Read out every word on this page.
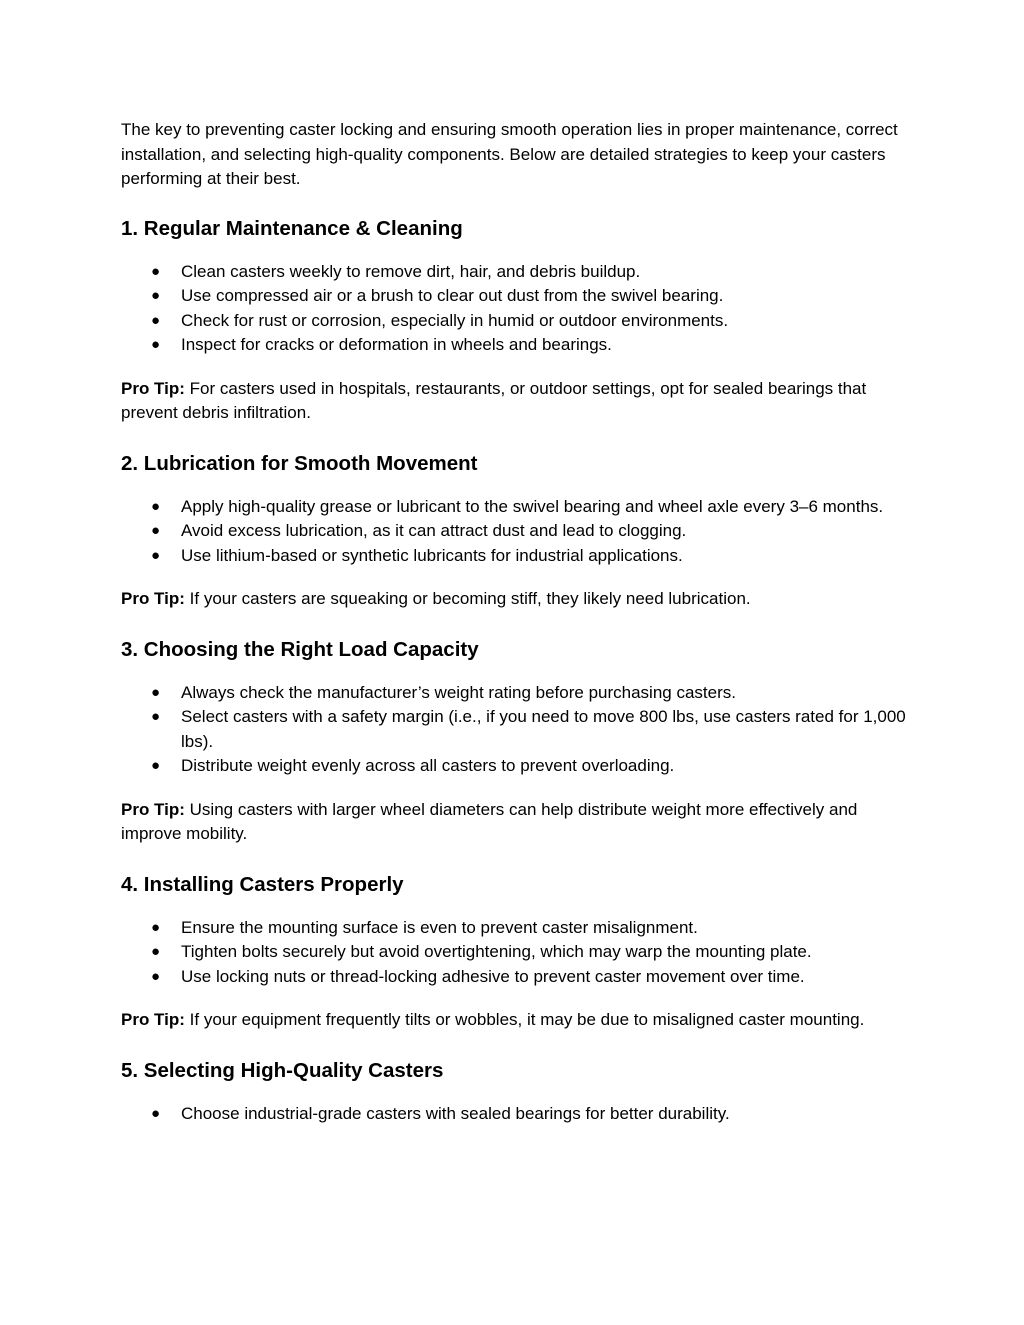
The key to preventing caster locking and ensuring smooth operation lies in proper maintenance, correct installation, and selecting high-quality components. Below are detailed strategies to keep your casters performing at their best.

1. Regular Maintenance & Cleaning
● Clean casters weekly to remove dirt, hair, and debris buildup.
● Use compressed air or a brush to clear out dust from the swivel bearing.
● Check for rust or corrosion, especially in humid or outdoor environments.
● Inspect for cracks or deformation in wheels and bearings.

Pro Tip: For casters used in hospitals, restaurants, or outdoor settings, opt for sealed bearings that prevent debris infiltration.

2. Lubrication for Smooth Movement
● Apply high-quality grease or lubricant to the swivel bearing and wheel axle every 3–6 months.
● Avoid excess lubrication, as it can attract dust and lead to clogging.
● Use lithium-based or synthetic lubricants for industrial applications.

Pro Tip: If your casters are squeaking or becoming stiff, they likely need lubrication.

3. Choosing the Right Load Capacity
● Always check the manufacturer’s weight rating before purchasing casters.
● Select casters with a safety margin (i.e., if you need to move 800 lbs, use casters rated for 1,000 lbs).
● Distribute weight evenly across all casters to prevent overloading.

Pro Tip: Using casters with larger wheel diameters can help distribute weight more effectively and improve mobility.

4. Installing Casters Properly
● Ensure the mounting surface is even to prevent caster misalignment.
● Tighten bolts securely but avoid overtightening, which may warp the mounting plate.
● Use locking nuts or thread-locking adhesive to prevent caster movement over time.

Pro Tip: If your equipment frequently tilts or wobbles, it may be due to misaligned caster mounting.

5. Selecting High-Quality Casters
● Choose industrial-grade casters with sealed bearings for better durability.
